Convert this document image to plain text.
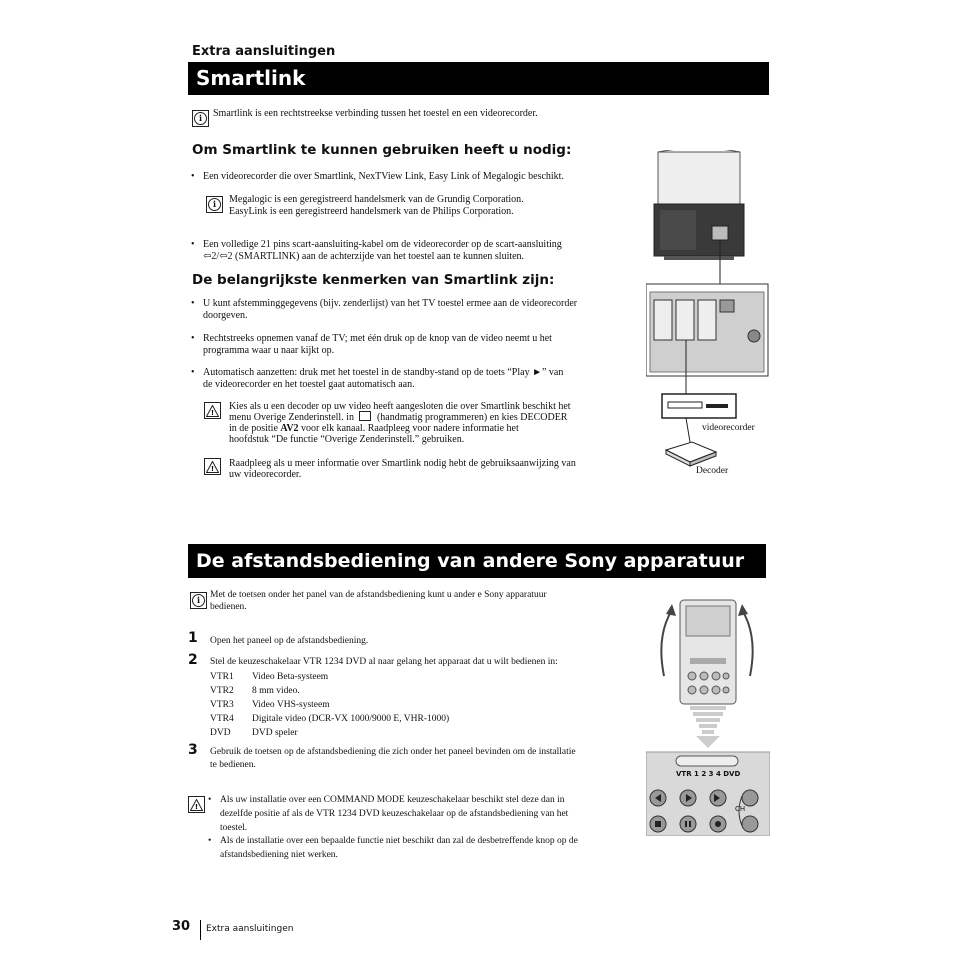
Extra aansluitingen
Smartlink
i	Smartlink is een rechtstreekse verbinding tussen het toestel en een videorecorder.
Om Smartlink te kunnen gebruiken heeft u nodig:
• Een videorecorder die over Smartlink, NexTView Link, Easy Link of Megalogic beschikt.
i	Megalogic is een geregistreerd handelsmerk van de Grundig Corporation.
EasyLink is een geregistreerd handelsmerk van de Philips Corporation.
• Een volledige 21 pins scart-aansluiting-kabel om de videorecorder op de scart-aansluiting
⇦2/⇦2 (SMARTLINK) aan de achterzijde van het toestel aan te kunnen sluiten.
De belangrijkste kenmerken van Smartlink zijn:
• U kunt afstemminggegevens (bijv. zenderlijst) van het TV toestel ermee aan de videorecorder
doorgeven.
• Rechtstreeks opnemen vanaf de TV; met één druk op de knop van de video neemt u het
programma waar u naar kijkt op.
• Automatisch aanzetten: druk met het toestel in de standby-stand op de toets “Play ►” van
de videorecorder en het toestel gaat automatisch aan.
!
Kies als u een decoder op uw video heeft aangesloten die over Smartlink beschikt het
menu Overige Zenderinstell. in (handmatig programmeren) en kies DECODER
in de positie AV2 voor elk kanaal. Raadpleeg voor nadere informatie het
hoofdstuk “De functie “Overige Zenderinstell.” gebruiken.
! Raadpleeg als u meer informatie over Smartlink nodig hebt de gebruiksaanwijzing van
uw videorecorder.
videorecorder
Decoder
De afstandsbediening van andere Sony apparatuur
i	Met de toetsen onder het panel van de afstandsbediening kunt u ander e Sony apparatuur
bedienen.
1 Open het paneel op de afstandsbediening.
2 Stel de keuzeschakelaar VTR 1234 DVD al naar gelang het apparaat dat u wilt bedienen in:
VTR1 Video Beta-systeem
VTR2 8 mm video.
VTR3 Video VHS-systeem
VTR4 Digitale video (DCR-VX 1000/9000 E, VHR-1000)
DVD DVD speler
3 Gebruik de toetsen op de afstandsbediening die zich onder het paneel bevinden om de installatie
te bedienen.
!
• Als uw installatie over een COMMAND MODE keuzeschakelaar beschikt stel deze dan in
dezelfde positie af als de VTR 1234 DVD keuzeschakelaar op de afstandsbediening van het
toestel.
• Als de installatie over een bepaalde functie niet beschikt dan zal de desbetreffende knop op de
afstandsbediening niet werken.
VTR 1 2 3 4 DVD
CH
30 Extra aansluitingen
